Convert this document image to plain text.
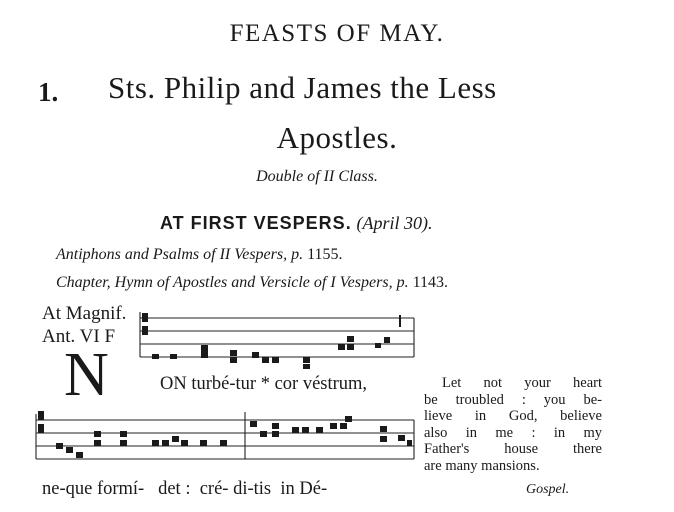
FEASTS OF MAY.
1. Sts. Philip and James the Less
Apostles.
Double of II Class.
AT FIRST VESPERS. (April 30).
Antiphons and Psalms of II Vespers, p. 1155.
Chapter, Hymn of Apostles and Versicle of I Vespers, p. 1143.
At Magnif.
Ant. VI F
N	ON turbé-tur * cor véstrum,
ne-que formí-   det :  cré- di-tis  in Dé-
Let not your heart
be troubled : you be-
lieve in God, believe
also in me : in my
Father's house there
are many mansions.
Gospel.
